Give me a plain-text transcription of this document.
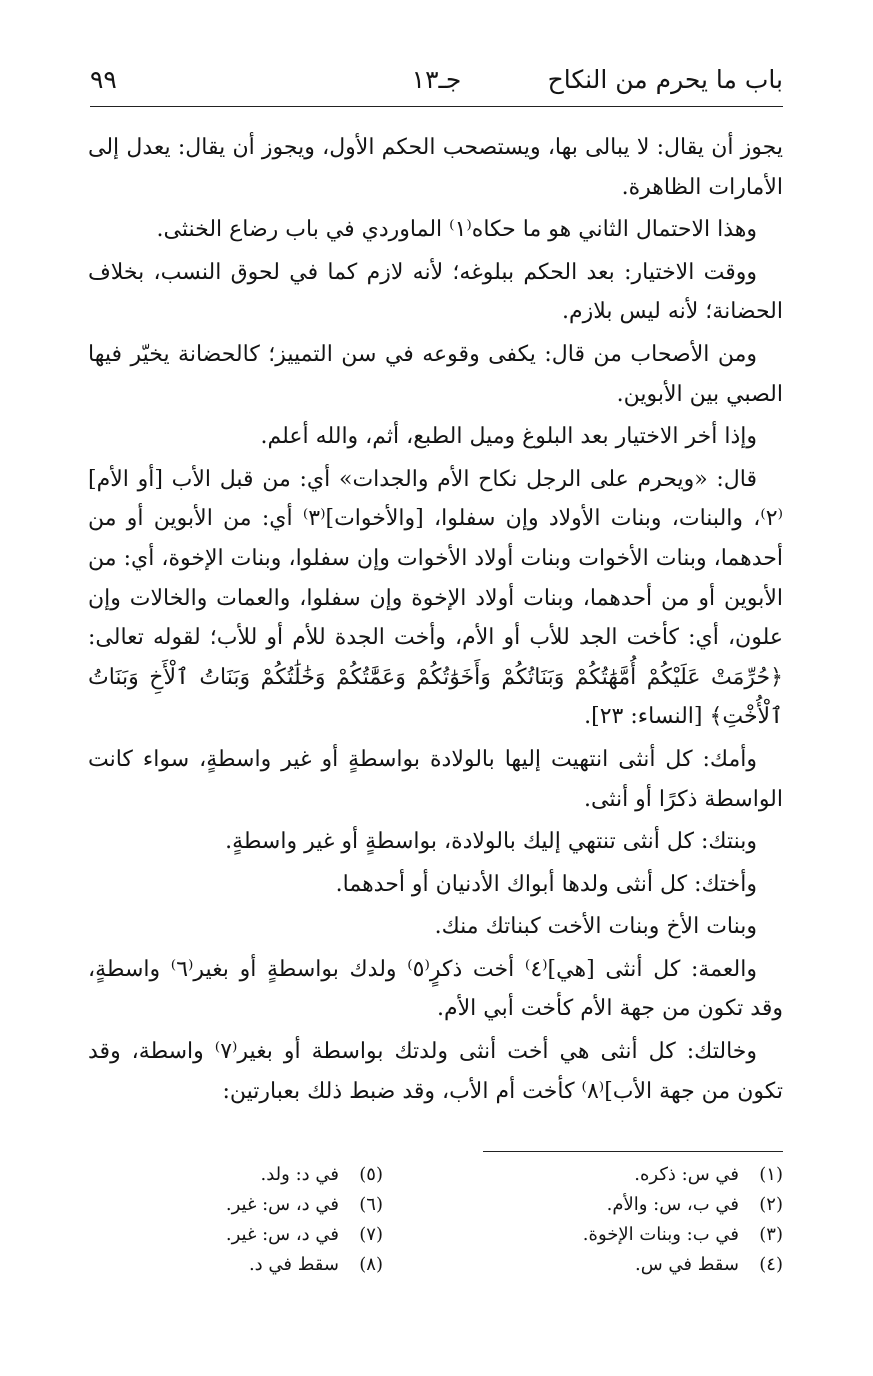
باب ما يحرم من النكاح
جـ١٣
٩٩

يجوز أن يقال: لا يبالى بها، ويستصحب الحكم الأول، ويجوز أن يقال: يعدل إلى الأمارات الظاهرة.

وهذا الاحتمال الثاني هو ما حكاه⁽١⁾ الماوردي في باب رضاع الخنثى.

ووقت الاختيار: بعد الحكم ببلوغه؛ لأنه لازم كما في لحوق النسب، بخلاف الحضانة؛ لأنه ليس بلازم.

ومن الأصحاب من قال: يكفى وقوعه في سن التمييز؛ كالحضانة يخيّر فيها الصبي بين الأبوين.

وإذا أخر الاختيار بعد البلوغ وميل الطبع، أثم، والله أعلم.

قال: «ويحرم على الرجل نكاح الأم والجدات» أي: من قبل الأب [أو الأم]⁽٢⁾، والبنات، وبنات الأولاد وإن سفلوا، [والأخوات]⁽٣⁾ أي: من الأبوين أو من أحدهما، وبنات الأخوات وبنات أولاد الأخوات وإن سفلوا، وبنات الإخوة، أي: من الأبوين أو من أحدهما، وبنات أولاد الإخوة وإن سفلوا، والعمات والخالات وإن علون، أي: كأخت الجد للأب أو الأم، وأخت الجدة للأم أو للأب؛ لقوله تعالى: ﴿حُرِّمَتْ عَلَيْكُمْ أُمَّهَٰتُكُمْ وَبَنَاتُكُمْ وَأَخَوَٰتُكُمْ وَعَمَّٰتُكُمْ وَخَٰلَٰتُكُمْ وَبَنَاتُ ٱلْأَخِ وَبَنَاتُ ٱلْأُخْتِ﴾ [النساء: ٢٣].

وأمك: كل أنثى انتهيت إليها بالولادة بواسطةٍ أو غير واسطةٍ، سواء كانت الواسطة ذكرًا أو أنثى.

وبنتك: كل أنثى تنتهي إليك بالولادة، بواسطةٍ أو غير واسطةٍ.

وأختك: كل أنثى ولدها أبواك الأدنيان أو أحدهما.

وبنات الأخ وبنات الأخت كبناتك منك.

والعمة: كل أنثى [هي]⁽٤⁾ أخت ذكرٍ⁽٥⁾ ولدك بواسطةٍ أو بغير⁽٦⁾ واسطةٍ، وقد تكون من جهة الأم كأخت أبي الأم.

وخالتك: كل أنثى هي أخت أنثى ولدتك بواسطة أو بغير⁽٧⁾ واسطة، وقد تكون من جهة الأب]⁽٨⁾ كأخت أم الأب، وقد ضبط ذلك بعبارتين:

(١)في س: ذكره.
(٢)في ب، س: والأم.
(٣)في ب: وبنات الإخوة.
(٤)سقط في س.
(٥)في د: ولد.
(٦)في د، س: غير.
(٧)في د، س: غير.
(٨)سقط في د.
